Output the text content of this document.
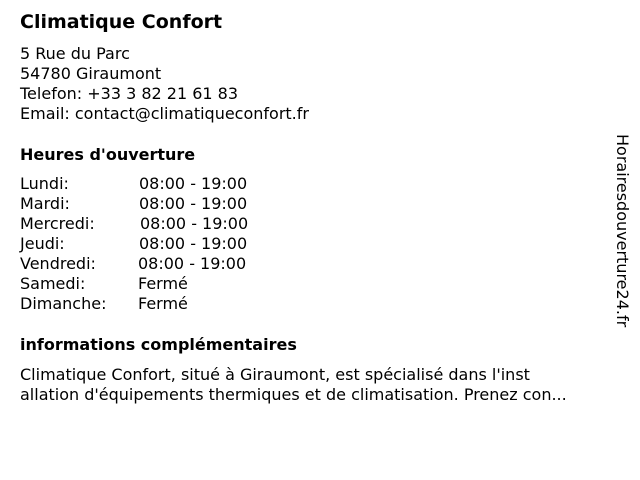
Climatique Confort
5 Rue du Parc
54780 Giraumont
Telefon: +33 3 82 21 61 83
Email: contact@climatiqueconfort.fr
Heures d'ouverture
Lundi:	08:00 - 19:00
Mardi:	08:00 - 19:00
Mercredi:	08:00 - 19:00
Jeudi:	08:00 - 19:00
Vendredi:	08:00 - 19:00
Samedi:	Fermé
Dimanche: Fermé
informations complémentaires
Climatique Confort, situé à Giraumont, est spécialisé dans l'inst
allation d'équipements thermiques et de climatisation. Prenez con...
Horairesdouverture24.fr
